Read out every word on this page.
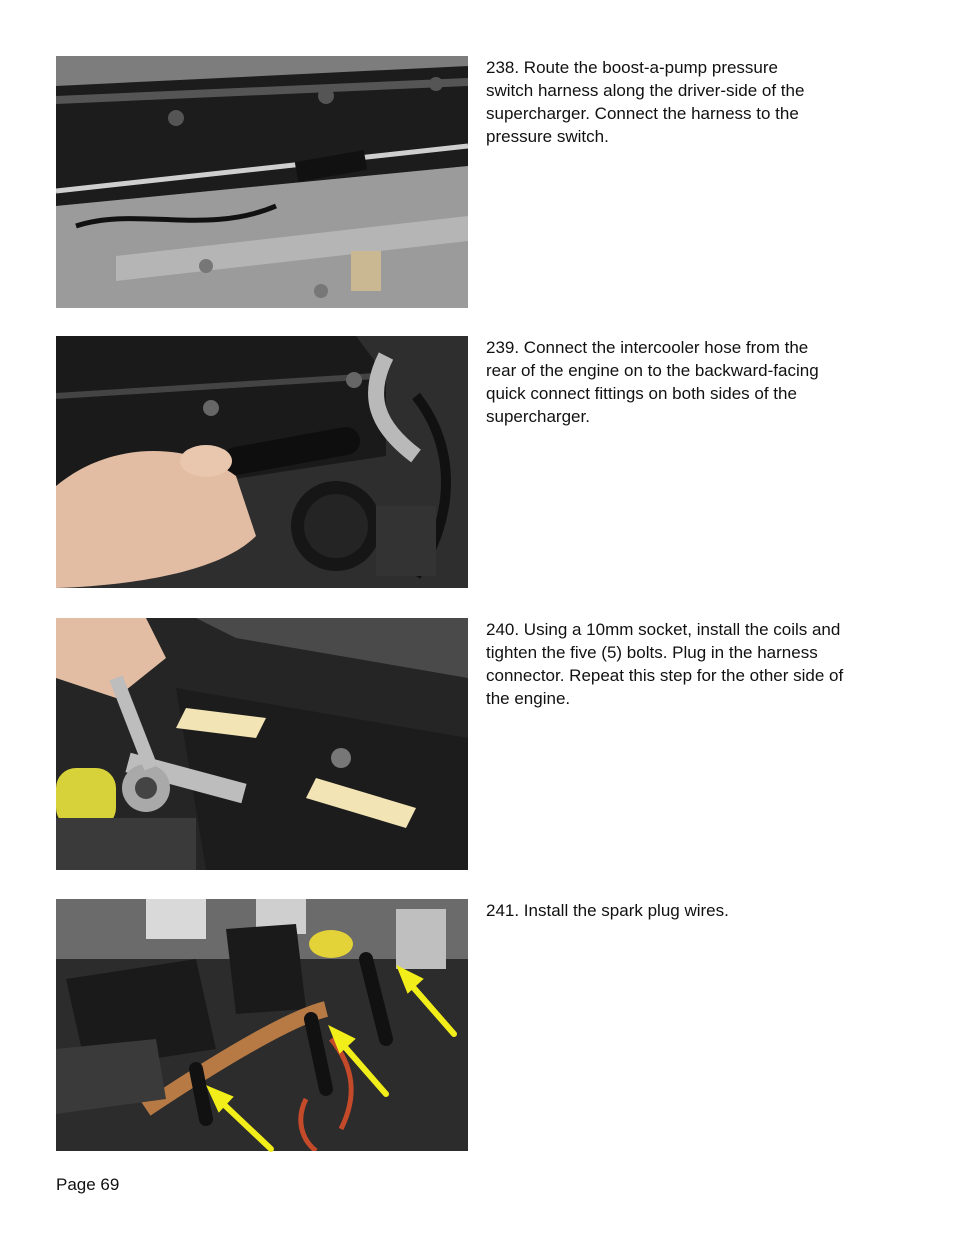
238. Route the boost-a-pump pressure
switch harness along the driver-side of the
supercharger. Connect the harness to the
pressure switch.
239. Connect the intercooler hose from the
rear of the engine on to the backward-facing
quick connect fittings on both sides of the
supercharger.
240. Using a 10mm socket, install the coils and
tighten the five (5) bolts. Plug in the harness
connector. Repeat this step for the other side of
the engine.
241. Install the spark plug wires.
Page 69
